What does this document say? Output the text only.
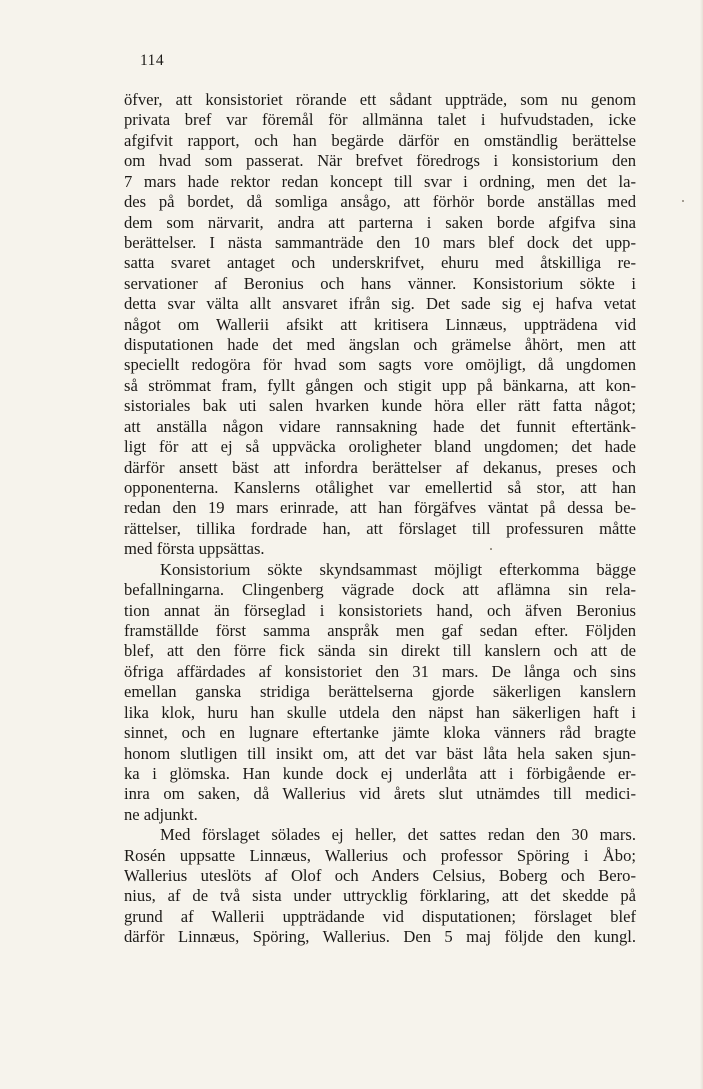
114
öfver, att konsistoriet rörande ett sådant uppträde, som nu genom
privata bref var föremål för allmänna talet i hufvudstaden, icke
afgifvit rapport, och han begärde därför en omständlig berättelse
om hvad som passerat. När brefvet föredrogs i konsistorium den
7 mars hade rektor redan koncept till svar i ordning, men det la-
des på bordet, då somliga ansågo, att förhör borde anställas med
dem som närvarit, andra att parterna i saken borde afgifva sina
berättelser. I nästa sammanträde den 10 mars blef dock det upp-
satta svaret antaget och underskrifvet, ehuru med åtskilliga re-
servationer af Beronius och hans vänner. Konsistorium sökte i
detta svar välta allt ansvaret ifrån sig. Det sade sig ej hafva vetat
något om Wallerii afsikt att kritisera Linnæus, uppträdena vid
disputationen hade det med ängslan och grämelse åhört, men att
speciellt redogöra för hvad som sagts vore omöjligt, då ungdomen
så strömmat fram, fyllt gången och stigit upp på bänkarna, att kon-
sistoriales bak uti salen hvarken kunde höra eller rätt fatta något;
att anställa någon vidare rannsakning hade det funnit eftertänk-
ligt för att ej så uppväcka oroligheter bland ungdomen; det hade
därför ansett bäst att infordra berättelser af dekanus, preses och
opponenterna. Kanslerns otålighet var emellertid så stor, att han
redan den 19 mars erinrade, att han förgäfves väntat på dessa be-
rättelser, tillika fordrade han, att förslaget till professuren måtte
med första uppsättas.
Konsistorium sökte skyndsammast möjligt efterkomma bägge
befallningarna. Clingenberg vägrade dock att aflämna sin rela-
tion annat än förseglad i konsistoriets hand, och äfven Beronius
framställde först samma anspråk men gaf sedan efter. Följden
blef, att den förre fick sända sin direkt till kanslern och att de
öfriga affärdades af konsistoriet den 31 mars. De långa och sins
emellan ganska stridiga berättelserna gjorde säkerligen kanslern
lika klok, huru han skulle utdela den näpst han säkerligen haft i
sinnet, och en lugnare eftertanke jämte kloka vänners råd bragte
honom slutligen till insikt om, att det var bäst låta hela saken sjun-
ka i glömska. Han kunde dock ej underlåta att i förbigående er-
inra om saken, då Wallerius vid årets slut utnämdes till medici-
ne adjunkt.
Med förslaget sölades ej heller, det sattes redan den 30 mars.
Rosén uppsatte Linnæus, Wallerius och professor Spöring i Åbo;
Wallerius uteslöts af Olof och Anders Celsius, Boberg och Bero-
nius, af de två sista under uttrycklig förklaring, att det skedde på
grund af Wallerii uppträdande vid disputationen; förslaget blef
därför Linnæus, Spöring, Wallerius. Den 5 maj följde den kungl.
